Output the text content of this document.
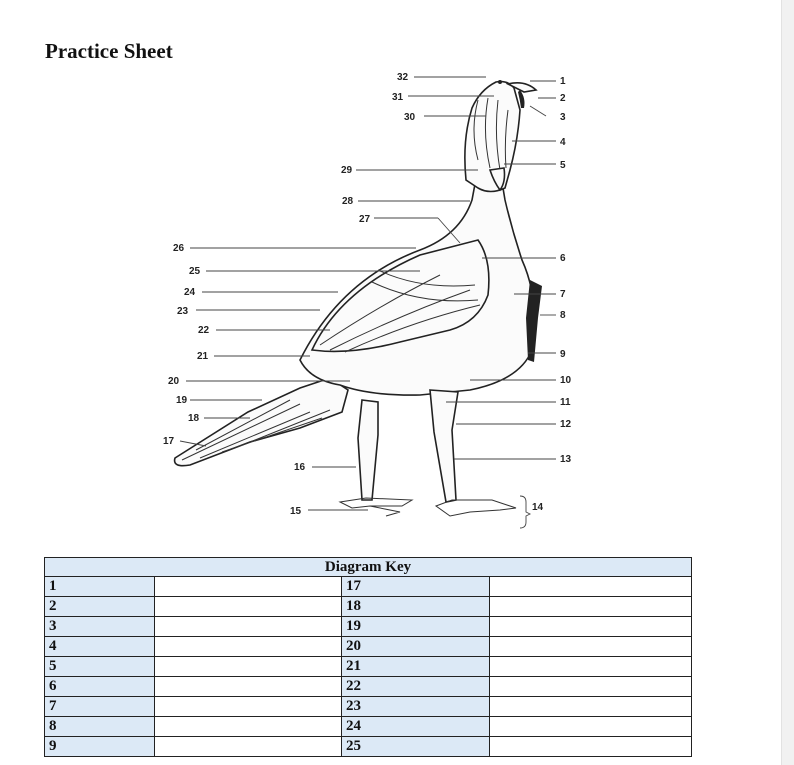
Practice Sheet
32
31
30
29
28
27
26
25
24
23
22
21
20
19
18
17
16
15
1
2
3
4
5
6
7
8
9
10
11
12
13
14
Diagram Key			
1		17	
2		18	
3		19	
4		20	
5		21	
6		22	
7		23	
8		24	
9		25	
